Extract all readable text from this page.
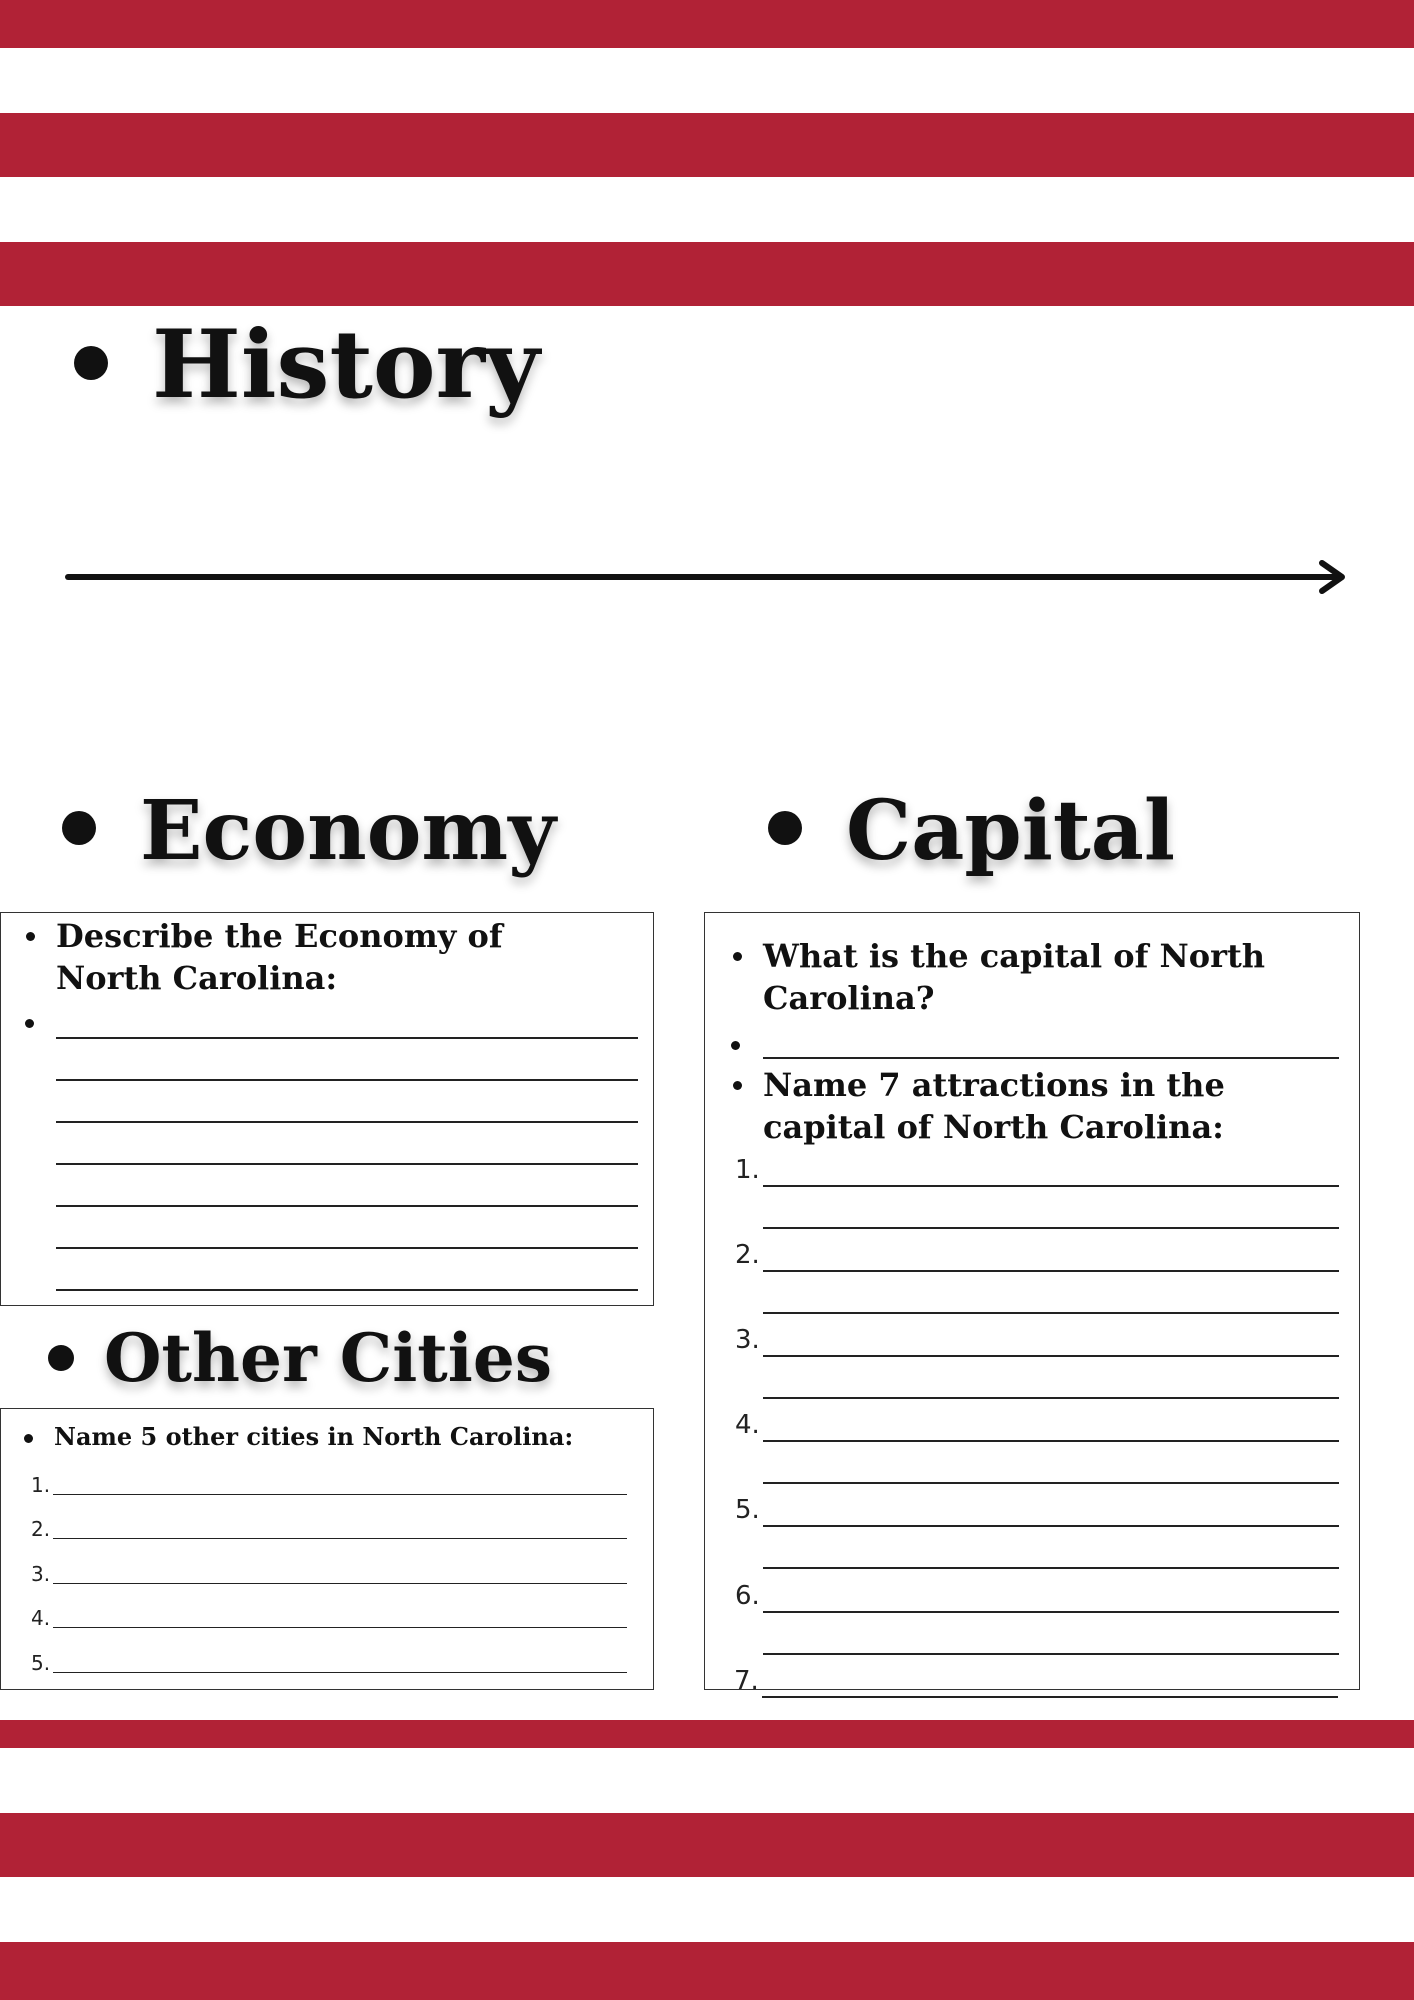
History
Economy	Capital
Describe the Economy of North Carolina:
Other Cities
Name 5 other cities in North Carolina:
1.
2.
3.
4.
5.
What is the capital of North Carolina?
Name 7 attractions in the capital of North Carolina:
1.
2.
3.
4.
5.
6.
7.
